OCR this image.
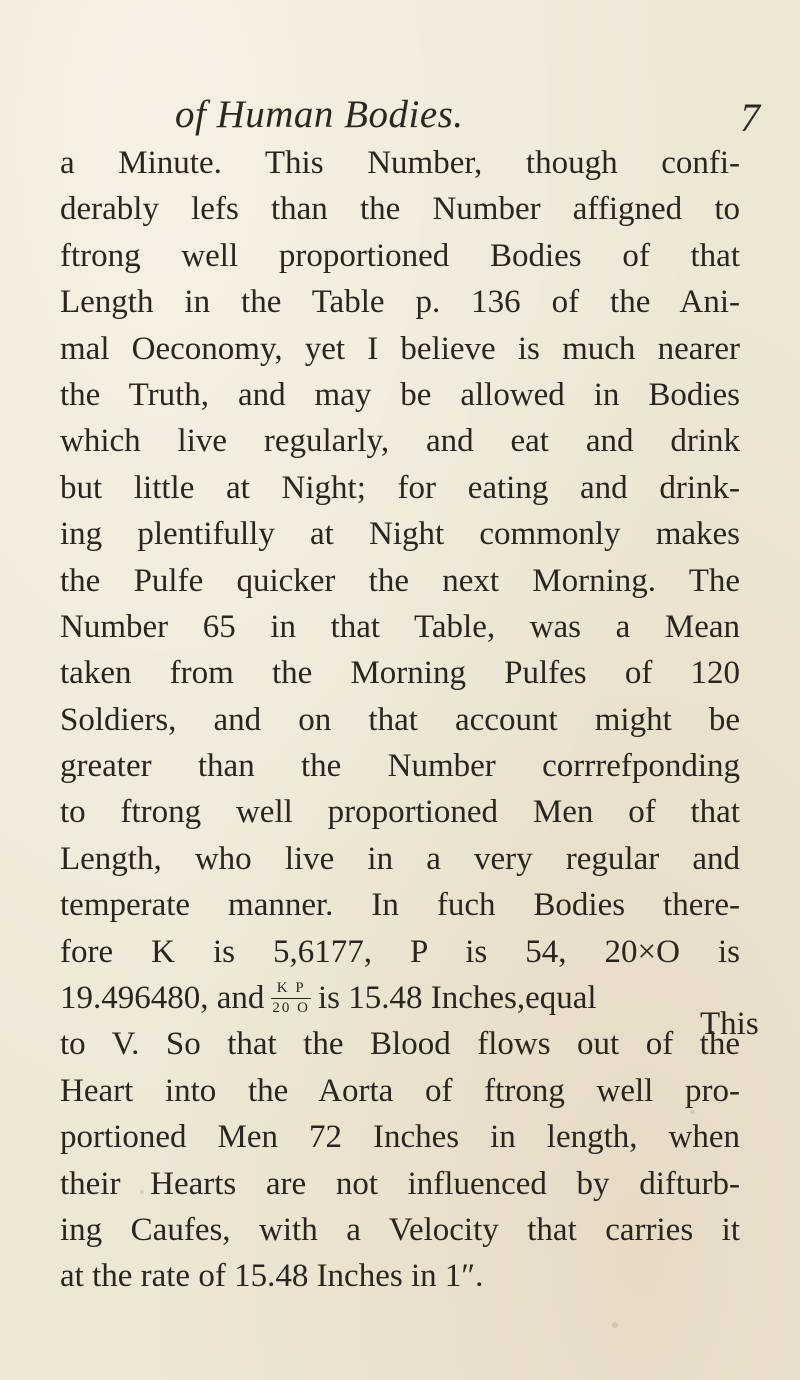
of Human Bodies.	7
a Minute. This Number, though confi-
derably lefs than the Number affigned to
ftrong well proportioned Bodies of that
Length in the Table p. 136 of the Ani-
mal Oeconomy, yet I believe is much nearer
the Truth, and may be allowed in Bodies
which live regularly, and eat and drink
but little at Night; for eating and drink-
ing plentifully at Night commonly makes
the Pulfe quicker the next Morning. The
Number 65 in that Table, was a Mean
taken from the Morning Pulfes of 120
Soldiers, and on that account might be
greater than the Number corrrefponding
to ftrong well proportioned Men of that
Length, who live in a very regular and
temperate manner. In fuch Bodies there-
fore K is 5,6177, P is 54, 20×O is
19.496480, and $\frac{\text{K P}}{20 O}$ is 15.48 Inches,equal
to V. So that the Blood flows out of the
Heart into the Aorta of ftrong well pro-
portioned Men 72 Inches in length, when
their Hearts are not influenced by difturb-
ing Caufes, with a Velocity that carries it
at the rate of 15.48 Inches in 1″.
This
